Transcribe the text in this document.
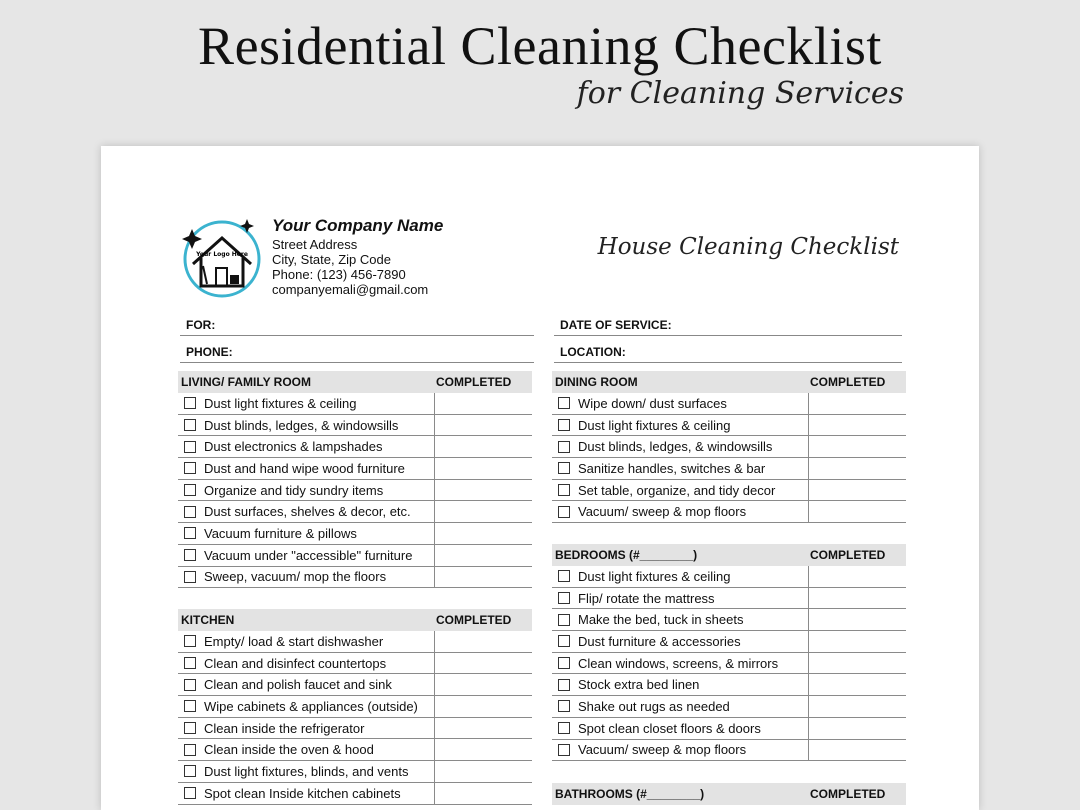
Residential Cleaning Checklist
for Cleaning Services
Your Logo Here
Your Company Name
Street Address
City, State, Zip Code
Phone: (123) 456-7890
companyemali@gmail.com
House Cleaning Checklist
FOR:
PHONE:
DATE OF SERVICE:
LOCATION:
LIVING/ FAMILY ROOM	COMPLETED
Dust light fixtures & ceiling
Dust blinds, ledges, & windowsills
Dust electronics & lampshades
Dust and hand wipe wood furniture
Organize and tidy sundry items
Dust surfaces, shelves & decor, etc.
Vacuum furniture & pillows
Vacuum under "accessible" furniture
Sweep, vacuum/ mop the floors
KITCHEN	COMPLETED
Empty/ load & start dishwasher
Clean and disinfect countertops
Clean and polish faucet and sink
Wipe cabinets & appliances (outside)
Clean inside the refrigerator
Clean inside the oven & hood
Dust light fixtures, blinds, and vents
Spot clean Inside kitchen cabinets
DINING ROOM	COMPLETED
Wipe down/ dust surfaces
Dust light fixtures & ceiling
Dust blinds, ledges, & windowsills
Sanitize handles, switches & bar
Set table, organize, and tidy decor
Vacuum/ sweep & mop floors
BEDROOMS (#________)	COMPLETED
Dust light fixtures & ceiling
Flip/ rotate the mattress
Make the bed, tuck in sheets
Dust furniture & accessories
Clean windows, screens, & mirrors
Stock extra bed linen
Shake out rugs as needed
Spot clean closet floors & doors
Vacuum/ sweep & mop floors
BATHROOMS (#________)	COMPLETED
